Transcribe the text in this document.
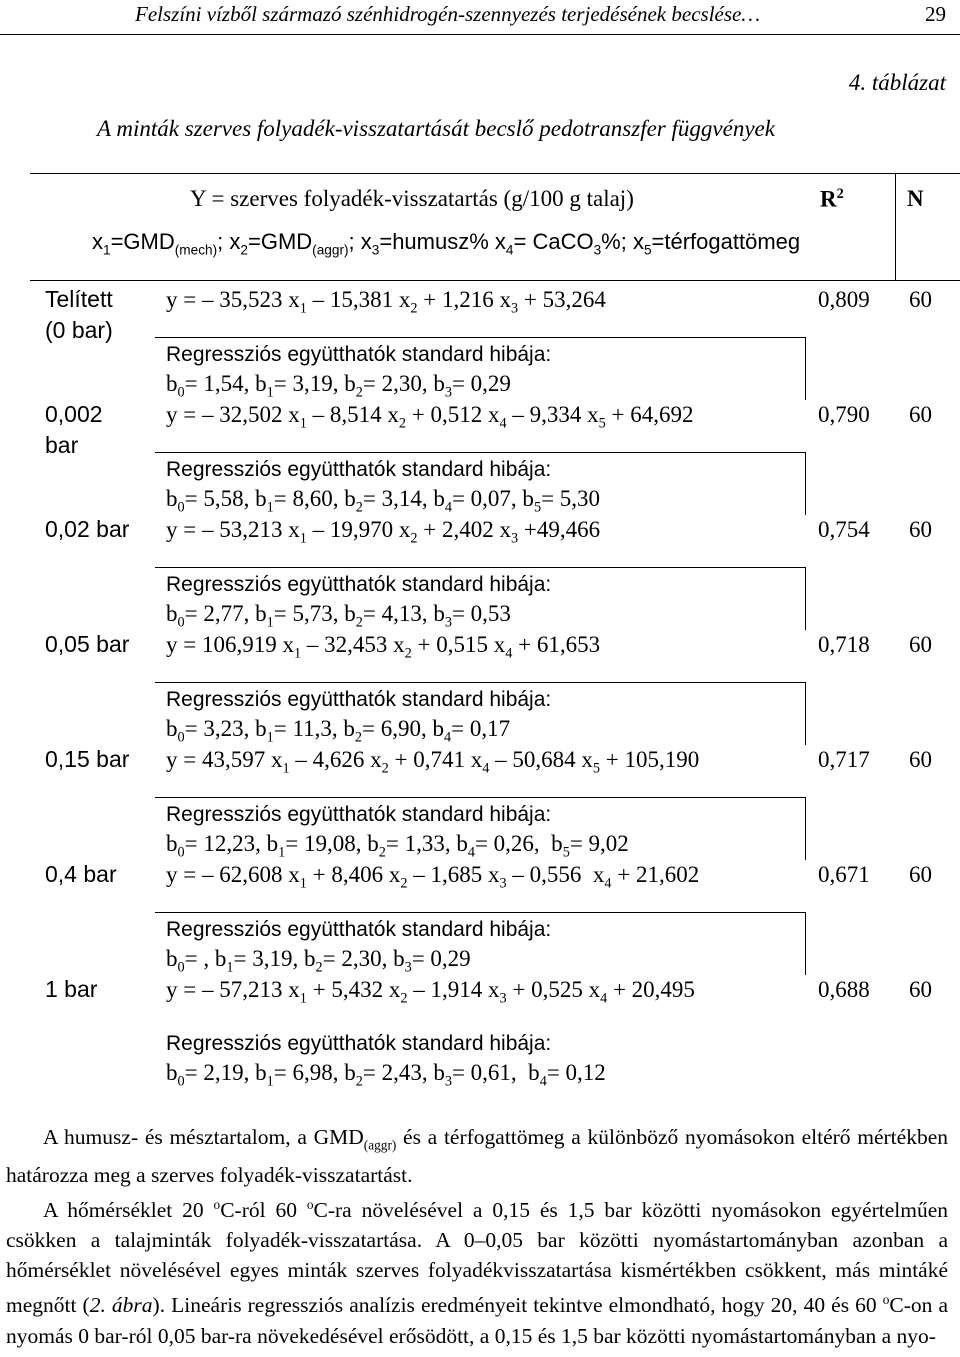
Felszíni vízből származó szénhidrogén-szennyezés terjedésének becslése…	29
4. táblázat
A minták szerves folyadék-visszatartását becslő pedotranszfer függvények
Y = szerves folyadék-visszatartás (g/100 g talaj)	$R^2$	N
$x_1=GMD_{(mech)}$; $x_2=GMD_{(aggr)}$; $x_3=humusz\%$ $x_4=$ CaCO$_3$%; $x_5=térfogattömeg$
Telített
(0 bar)
y = – 35,523 $x_1 - 15,381$ $x_2 + 1,216$ $x_3 + 53,264$	0,809 60
Regressziós együtthatók standard hibája:
$b_0= 1,54$, $b_1= 3,19$, $b_2= 2,30$, $b_3= 0,29$
0,002
bar
y = – 32,502 $x_1 - 8,514$ $x_2 + 0,512$ $x_4 - 9,334$ $x_5 + 64,692$	0,790 60
Regressziós együtthatók standard hibája:
$b_0= 5,58$, $b_1= 8,60$, $b_2= 3,14$, $b_4= 0,07$, $b_5= 5,30$
0,02 bar y = – 53,213 $x_1 - 19,970$ $x_2 + 2,402$ $x_3 +49,466$	0,754 60
Regressziós együtthatók standard hibája:
$b_0= 2,77$, $b_1= 5,73$, $b_2= 4,13$, $b_3= 0,53$
0,05 bar y = 106,919 $x_1 - 32,453$ $x_2 + 0,515$ $x_4 + 61,653$	0,718 60
Regressziós együtthatók standard hibája:
$b_0= 3,23$, $b_1= 11,3$, $b_2= 6,90$, $b_4= 0,17$
0,15 bar y = 43,597 $x_1 - 4,626$ $x_2 + 0,741$ $x_4 - 50,684$ $x_5 + 105,190$	0,717 60
Regressziós együtthatók standard hibája:
$b_0= 12,23$, $b_1= 19,08$, $b_2= 1,33$, $b_4= 0,26$,  $b_5= 9,02$
0,4 bar y = – 62,608 $x_1 + 8,406$ $x_2 - 1,685$ $x_3 - 0,556$  $x_4 + 21,602$	0,671 60
Regressziós együtthatók standard hibája:
$b_0=$ , $b_1= 3,19$, $b_2= 2,30$, $b_3= 0,29$
1 bar	y = – 57,213 $x_1 + 5,432$ $x_2 - 1,914$ $x_3 + 0,525$ $x_4 + 20,495$	0,688 60
Regressziós együtthatók standard hibája:
$b_0= 2,19$, $b_1= 6,98$, $b_2= 2,43$, $b_3= 0,61$,  $b_4= 0,12$

A humusz- és mésztartalom, a $GMD_{(aggr)}$ és a térfogattömeg a különböző nyomásokon eltérő mértékben határozza meg a szerves folyadék-visszatartást.

A hőmérséklet 20 $^o$C-ról 60 $^o$C-ra növelésével a 0,15 és 1,5 bar közötti nyomásokon egyértelműen csökken a talajminták folyadék-visszatartása. A 0–0,05 bar közötti nyomástartományban azonban a hőmérséklet növelésével egyes minták szerves folyadékvisszatartása kismértékben csökkent, más mintáké megnőtt (2. ábra). Lineáris regressziós analízis eredményeit tekintve elmondható, hogy 20, 40 és 60 $^o$C-on a nyomás 0 bar-ról 0,05 bar-ra növekedésével erősödött, a 0,15 és 1,5 bar közötti nyomástartományban a nyo-
